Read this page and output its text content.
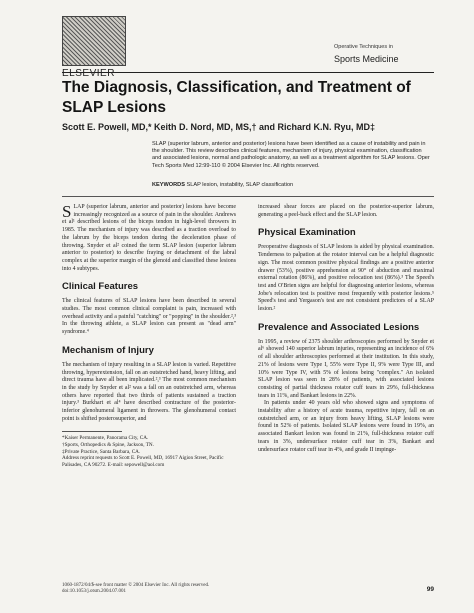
ELSEVIER
Operative Techniques in
Sports Medicine
The Diagnosis, Classification, and Treatment of SLAP Lesions
Scott E. Powell, MD,* Keith D. Nord, MD, MS,† and Richard K.N. Ryu, MD‡
SLAP (superior labrum, anterior and posterior) lesions have been identified as a cause of instability and pain in the shoulder. This review describes clinical features, mechanism of injury, physical examination, classification and associated lesions, normal and pathologic anatomy, as well as a treatment algorithm for SLAP lesions. Oper Tech Sports Med 12:99-110 © 2004 Elsevier Inc. All rights reserved.
KEYWORDS SLAP lesion, instability, SLAP classification

SLAP (superior labrum, anterior and posterior) lesions have become increasingly recognized as a source of pain in the shoulder. Andrews et al¹ described lesions of the biceps tendon in high-level throwers in 1985. The mechanism of injury was described as a traction overload to the labrum by the biceps tendon during the deceleration phase of throwing. Snyder et al² coined the term SLAP lesion (superior labrum anterior to posterior) to describe fraying or detachment of the labral complex at the superior margin of the glenoid and classified these lesions into 4 subtypes.

Clinical Features

The clinical features of SLAP lesions have been described in several studies. The most common clinical complaint is pain, increased with overhead activity and a painful "catching" or "popping" in the shoulder.²,³ In the throwing athlete, a SLAP lesion can present as "dead arm" syndrome.⁴

Mechanism of Injury

The mechanism of injury resulting in a SLAP lesion is varied. Repetitive throwing, hyperextension, fall on an outstretched hand, heavy lifting, and direct trauma have all been implicated.²,³ The most common mechanism in the study by Snyder et al² was a fall on an outstretched arm, whereas others have reported that two thirds of patients sustained a traction injury.³ Burkhart et al⁴ have described contracture of the posterior-inferior glenohumeral ligament in throwers. The glenohumeral contact point is shifted posterosuperior, and

*Kaiser Permanente, Panorama City, CA.
†Sports, Orthopedics & Spine, Jackson, TN.
‡Private Practice, Santa Barbara, CA.
Address reprint requests to Scott E. Powell, MD, 16917 Aigion Street, Pacific Palisades, CA 90272. E-mail: sepowell@aol.com

increased shear forces are placed on the posterior-superior labrum, generating a peel-back effect and the SLAP lesion.

Physical Examination

Preoperative diagnosis of SLAP lesions is aided by physical examination. Tenderness to palpation at the rotator interval can be a helpful diagnostic sign. The most common positive physical findings are a positive anterior drawer (53%), positive apprehension at 90° of abduction and maximal external rotation (86%), and positive relocation test (86%).³ The Speed's test and O'Brien signs are helpful for diagnosing anterior lesions, whereas Jobe's relocation test is positive most frequently with posterior lesions.⁵ Speed's test and Yergason's test are not consistent predictors of a SLAP lesion.²

Prevalence and Associated Lesions

In 1995, a review of 2375 shoulder arthroscopies performed by Snyder et al⁶ showed 140 superior labrum injuries, representing an incidence of 6% of all shoulder arthroscopies performed at their institution. In this study, 21% of lesions were Type I, 55% were Type II, 9% were Type III, and 10% were Type IV, with 5% of lesions being "complex." An isolated SLAP lesion was seen in 28% of patients, with associated lesions consisting of partial thickness rotator cuff tears in 29%, full-thickness tears in 11%, and Bankart lesions in 22%.

In patients under 40 years old who showed signs and symptoms of instability after a history of acute trauma, repetitive injury, fall on an outstretched arm, or an injury from heavy lifting, SLAP lesions were found in 52% of patients. Isolated SLAP lesions were found in 19%, an associated Bankart lesion was found in 21%, full-thickness rotator cuff tears in 3%, undersurface rotator cuff tear in 3%, Bankart and undersurface rotator cuff tear in 4%, and grade II impinge-

1060-1872/04/$-see front matter © 2004 Elsevier Inc. All rights reserved.
doi:10.1053/j.otsm.2004.07.001	99
